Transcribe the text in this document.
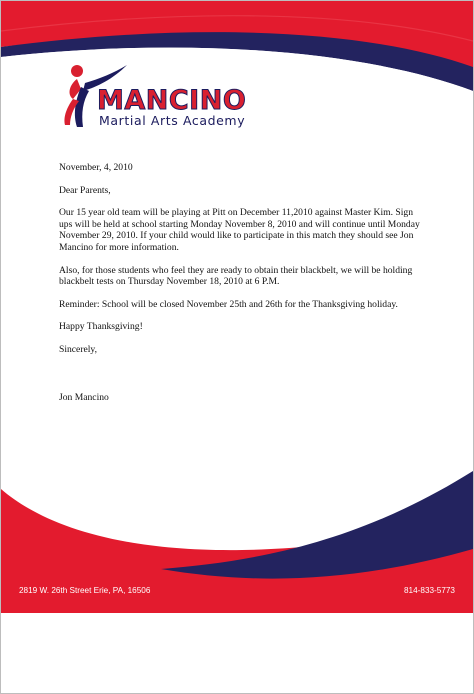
MANCINO
Martial Arts Academy

November, 4, 2010

Dear Parents,

Our 15 year old team will be playing at Pitt on December 11,2010 against Master Kim. Sign ups will be held at school starting Monday November 8, 2010 and will continue until Monday November 29, 2010. If your child would like to participate in this match they should see Jon Mancino for more information.

Also, for those students who feel they are ready to obtain their blackbelt, we will be holding blackbelt tests on Thursday November 18, 2010 at 6 P.M.

Reminder: School will be closed November 25th and 26th for the Thanksgiving holiday.

Happy Thanksgiving!

Sincerely,

Jon Mancino

2819 W. 26th Street Erie, PA, 16506	814-833-5773
